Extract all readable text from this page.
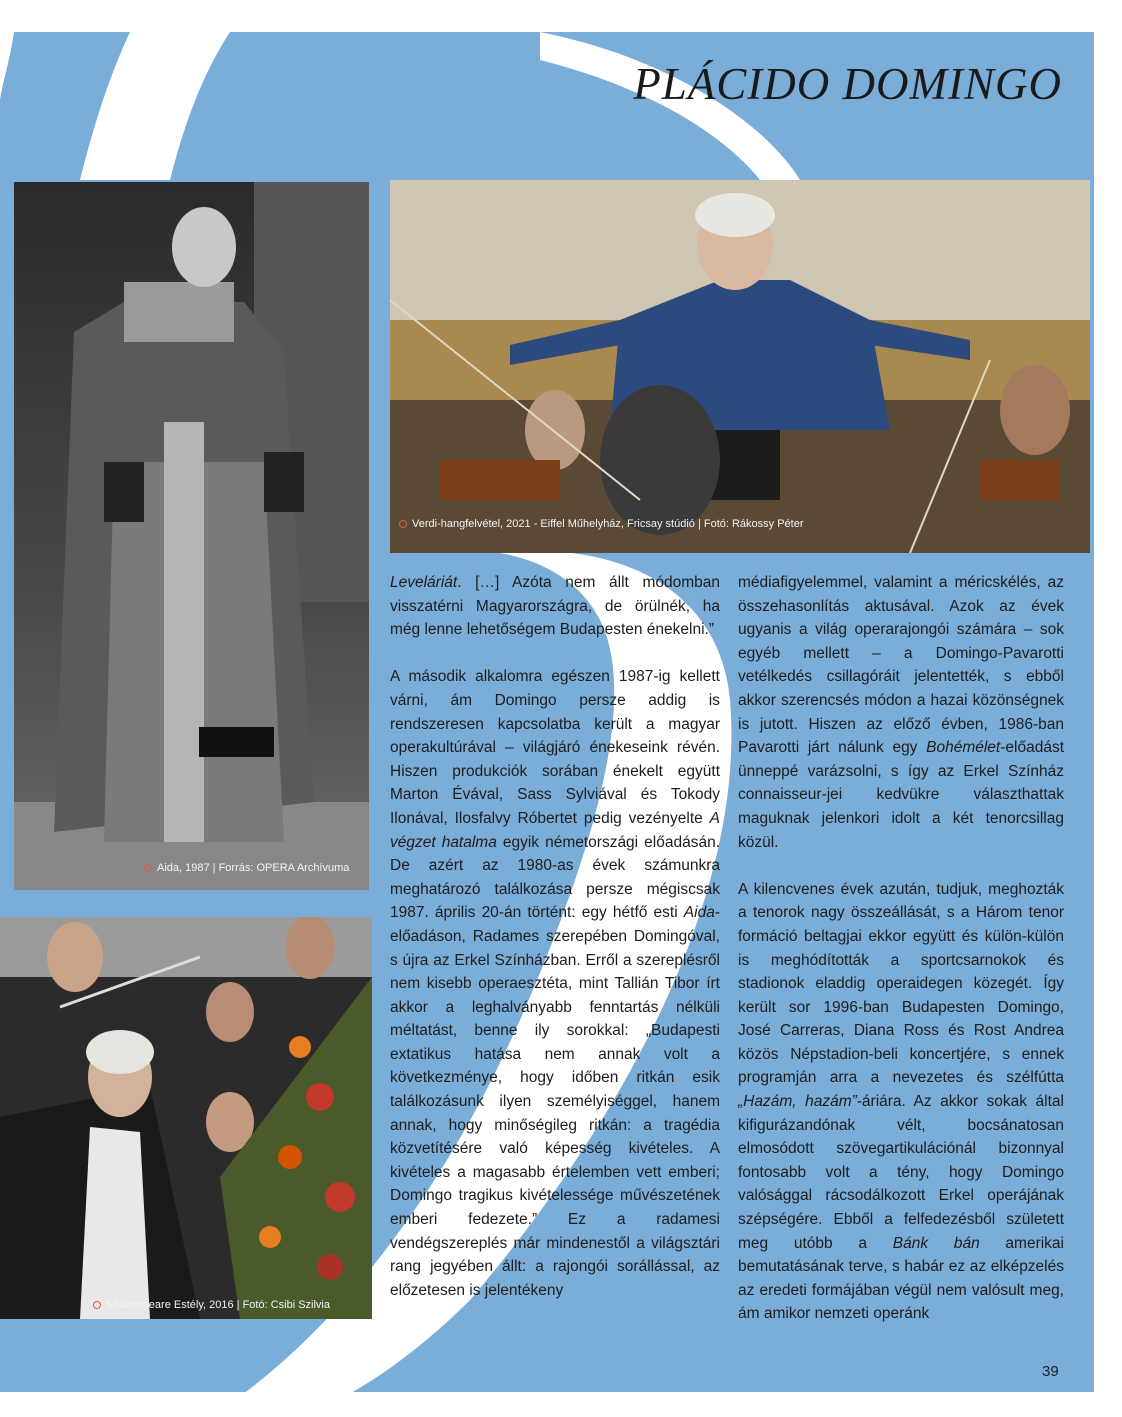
PLÁCIDO DOMINGO
Aida, 1987 | Forrás: OPERA Archívuma
Verdi-hangfelvétel, 2021 - Eiffel Műhelyház, Fricsay stúdió | Fotó: Rákossy Péter
Shakespeare Estély, 2016 | Fotó: Csibi Szilvia

Leveláriát. […] Azóta nem állt módomban visszatérni Magyarországra, de örülnék, ha még lenne lehetőségem Budapesten énekelni.”

A második alkalomra egészen 1987-ig kellett várni, ám Domingo persze addig is rendszeresen kapcsolatba került a magyar operakultúrával – világjáró énekeseink révén. Hiszen produkciók sorában énekelt együtt Marton Évával, Sass Sylviával és Tokody Ilonával, Ilosfalvy Róbertet pedig vezényelte A végzet hatalma egyik németországi előadásán. De azért az 1980-as évek számunkra meghatározó találkozása persze mégiscsak 1987. április 20-án történt: egy hétfő esti Aida-előadáson, Radames szerepében Domingóval, s újra az Erkel Színházban. Erről a szereplésről nem kisebb operaesztéta, mint Tallián Tibor írt akkor a leghalványabb fenntartás nélküli méltatást, benne ily sorokkal: „Budapesti extatikus hatása nem annak volt a következménye, hogy időben ritkán esik találkozásunk ilyen személyiséggel, hanem annak, hogy minőségileg ritkán: a tragédia közvetítésére való képesség kivételes. A kivételes a magasabb értelemben vett emberi; Domingo tragikus kivételessége művészetének emberi fedezete.” Ez a radamesi vendégszereplés már mindenestől a világsztári rang jegyében állt: a rajongói sorállással, az előzetesen is jelentékeny

médiafigyelemmel, valamint a méricskélés, az összehasonlítás aktusával. Azok az évek ugyanis a világ operarajongói számára – sok egyéb mellett – a Domingo-Pavarotti vetélkedés csillagóráit jelentették, s ebből akkor szerencsés módon a hazai közönségnek is jutott. Hiszen az előző évben, 1986-ban Pavarotti járt nálunk egy Bohémélet-előadást ünneppé varázsolni, s így az Erkel Színház connaisseur-jei kedvükre választhattak maguknak jelenkori idolt a két tenorcsillag közül.

A kilencvenes évek azután, tudjuk, meghozták a tenorok nagy összeállását, s a Három tenor formáció beltagjai ekkor együtt és külön-külön is meghódították a sportcsarnokok és stadionok eladdig operaidegen közegét. Így került sor 1996-ban Budapesten Domingo, José Carreras, Diana Ross és Rost Andrea közös Népstadion-beli koncertjére, s ennek programján arra a nevezetes és szélfútta „Hazám, hazám”-áriára. Az akkor sokak által kifigurázandónak vélt, bocsánatosan elmosódott szövegartikulációnál bizonnyal fontosabb volt a tény, hogy Domingo valósággal rácsodálkozott Erkel operájának szépségére. Ebből a felfedezésből született meg utóbb a Bánk bán amerikai bemutatásának terve, s habár ez az elképzelés az eredeti formájában végül nem valósult meg, ám amikor nemzeti operánk

39
